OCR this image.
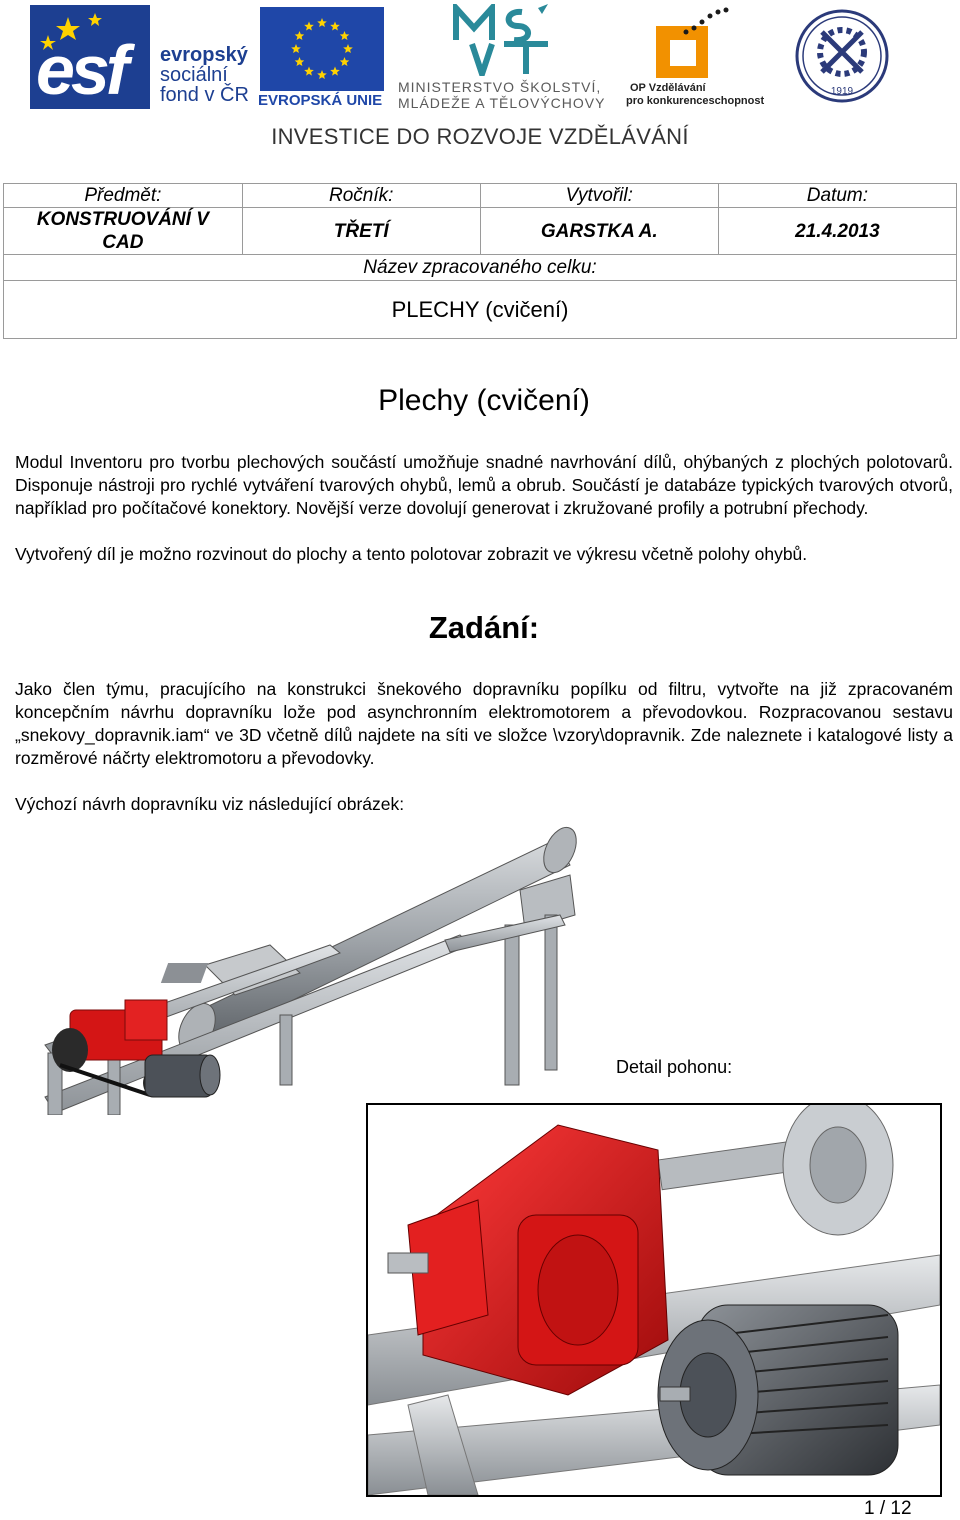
esf evropský
sociální
fond v ČR EVROPSKÁ UNIE
MINISTERSTVO ŠKOLSTVÍ,
MLÁDEŽE A TĚLOVÝCHOVY
OP Vzdělávání
pro konkurenceschopnost
1919
INVESTICE DO ROZVOJE VZDĚLÁVÁNÍ
Předmět:	Ročník:	Vytvořil:	Datum:

KONSTRUOVÁNÍ V CAD	TŘETÍ	GARSTKA A.	21.4.2013
Název zpracovaného celku:			
PLECHY (cvičení)			
Plechy (cvičení)
Modul Inventoru pro tvorbu plechových součástí umožňuje snadné navrhování dílů, ohýbaných z plochých polotovarů. Disponuje nástroji pro rychlé vytváření tvarových ohybů, lemů a obrub. Součástí je databáze typických tvarových otvorů, například pro počítačové konektory. Novější verze dovolují generovat i zkružované profily a potrubní přechody.
Vytvořený díl je možno rozvinout do plochy a tento polotovar zobrazit ve výkresu včetně polohy ohybů.
Zadání:
Jako člen týmu, pracujícího na konstrukci šnekového dopravníku popílku od filtru, vytvořte na již zpracovaném koncepčním návrhu dopravníku lože pod asynchronním elektromotorem a převodovkou. Rozpracovanou sestavu „snekovy_dopravnik.iam“ ve 3D včetně dílů najdete na síti ve složce \vzory\dopravnik. Zde naleznete i katalogové listy a rozměrové náčrty elektromotoru a převodovky.
Výchozí návrh dopravníku viz následující obrázek:
Detail pohonu:
1 / 12
